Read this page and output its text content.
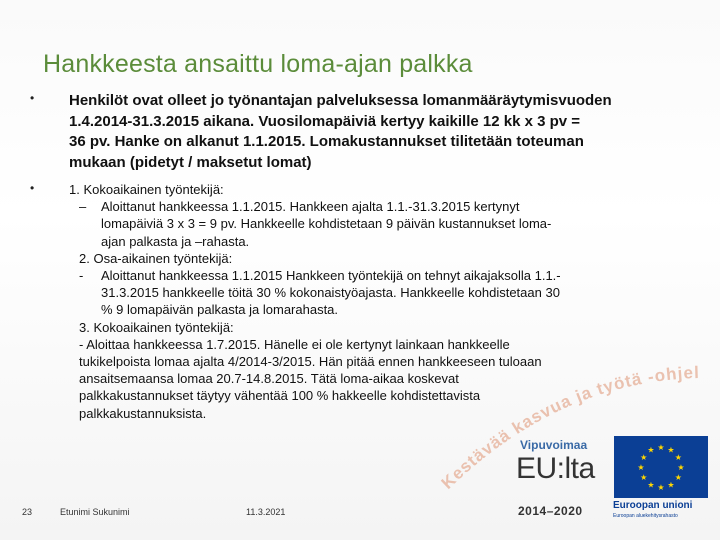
Hankkeesta ansaittu loma-ajan palkka
• Henkilöt ovat olleet jo työnantajan palveluksessa lomanmääräytymisvuoden
1.4.2014-31.3.2015 aikana. Vuosilomapäiviä kertyy kaikille 12 kk x 3 pv =
36 pv. Hanke on alkanut 1.1.2015. Lomakustannukset tilitetään toteuman
mukaan (pidetyt / maksetut lomat)
•	1. Kokoaikainen työntekijä:
– Aloittanut hankkeessa 1.1.2015. Hankkeen ajalta 1.1.-31.3.2015 kertynyt
lomapäiviä 3 x 3 = 9 pv. Hankkeelle kohdistetaan 9 päivän kustannukset loma-
ajan palkasta ja –rahasta.
2. Osa-aikainen työntekijä:
- Aloittanut hankkeessa 1.1.2015 Hankkeen työntekijä on tehnyt aikajaksolla 1.1.-
31.3.2015 hankkeelle töitä 30 % kokonaistyöajasta. Hankkeelle kohdistetaan 30
% 9 lomapäivän palkasta ja lomarahasta.
3. Kokoaikainen työntekijä:
- Aloittaa hankkeessa 1.7.2015. Hänelle ei ole kertynyt lainkaan hankkeelle
tukikelpoista lomaa ajalta 4/2014-3/2015. Hän pitää ennen hankkeeseen tuloaan
ansaitsemaansa lomaa 20.7-14.8.2015. Tätä loma-aikaa koskevat
palkkakustannukset täytyy vähentää 100 % hakkeelle kohdistettavista
palkkakustannuksista.
estävää kasvua ja työtä -ohjel
Vipuvoimaa
EU:lta
2014–2020
★ ★
★
★
★
★
★
★
★
★
★
★
Euroopan unioni
Euroopan aluekehitysrahasto
23	Etunimi Sukunimi	11.3.2021
